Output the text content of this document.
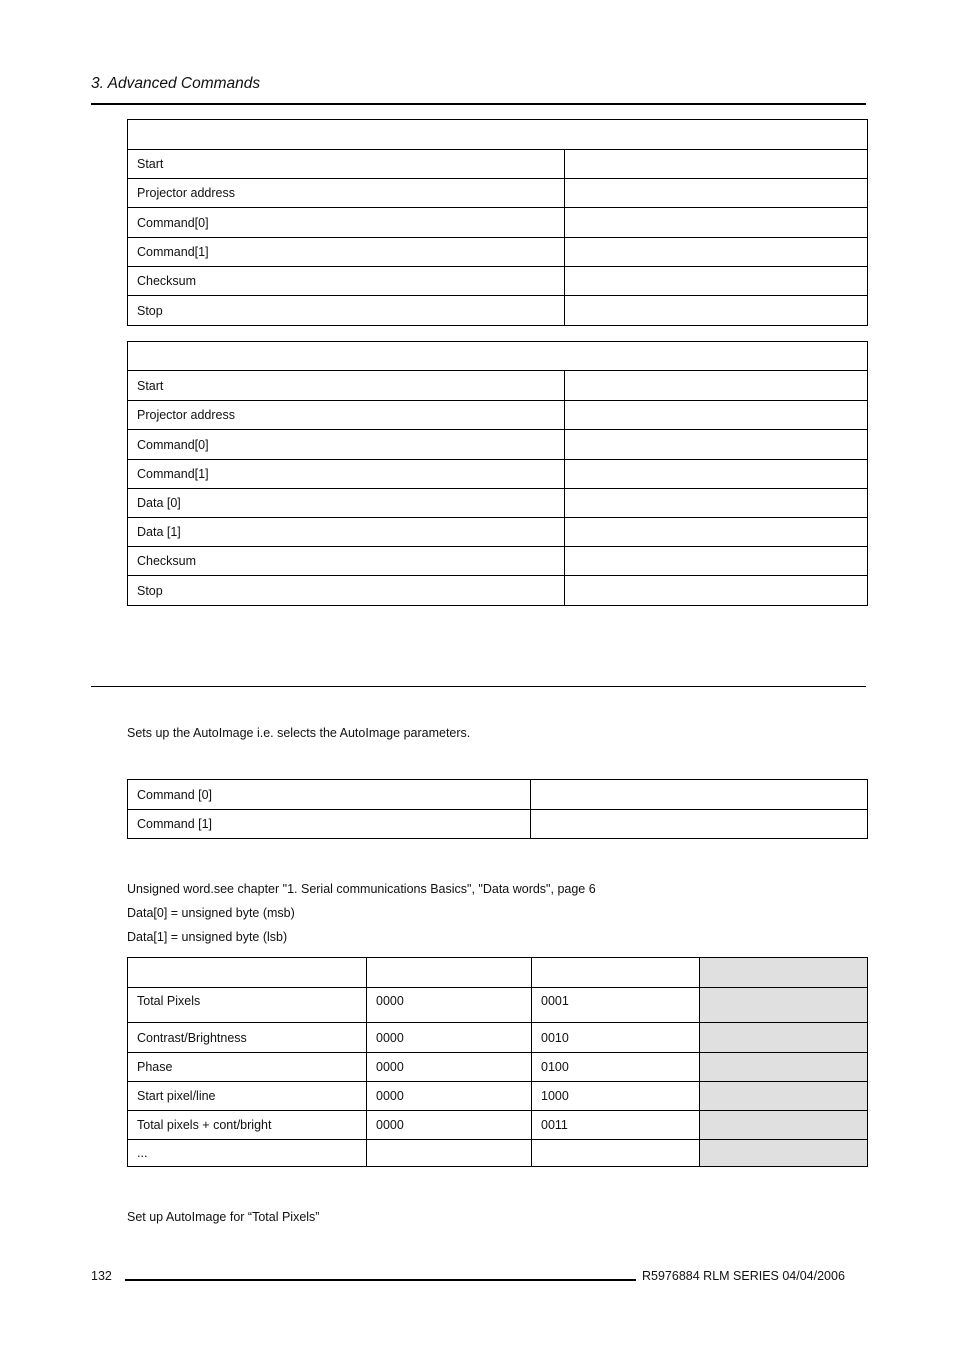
3. Advanced Commands

Start	
Projector address	
Command[0]	
Command[1]	
Checksum	
Stop	

Start	
Projector address	
Command[0]	
Command[1]	
Data [0]	
Data [1]	
Checksum	
Stop	
Sets up the AutoImage i.e. selects the AutoImage parameters.
Command [0]	
Command [1]	
Unsigned word.see chapter "1. Serial communications Basics", "Data words", page 6
Data[0] = unsigned byte (msb)
Data[1] = unsigned byte (lsb)

Total Pixels	0000	0001	
Contrast/Brightness	0000	0010	
Phase	0000	0100	
Start pixel/line	0000	1000	
Total pixels + cont/bright	0000	0011	
...			
Set up AutoImage for “Total Pixels”
132	R5976884 RLM SERIES 04/04/2006
